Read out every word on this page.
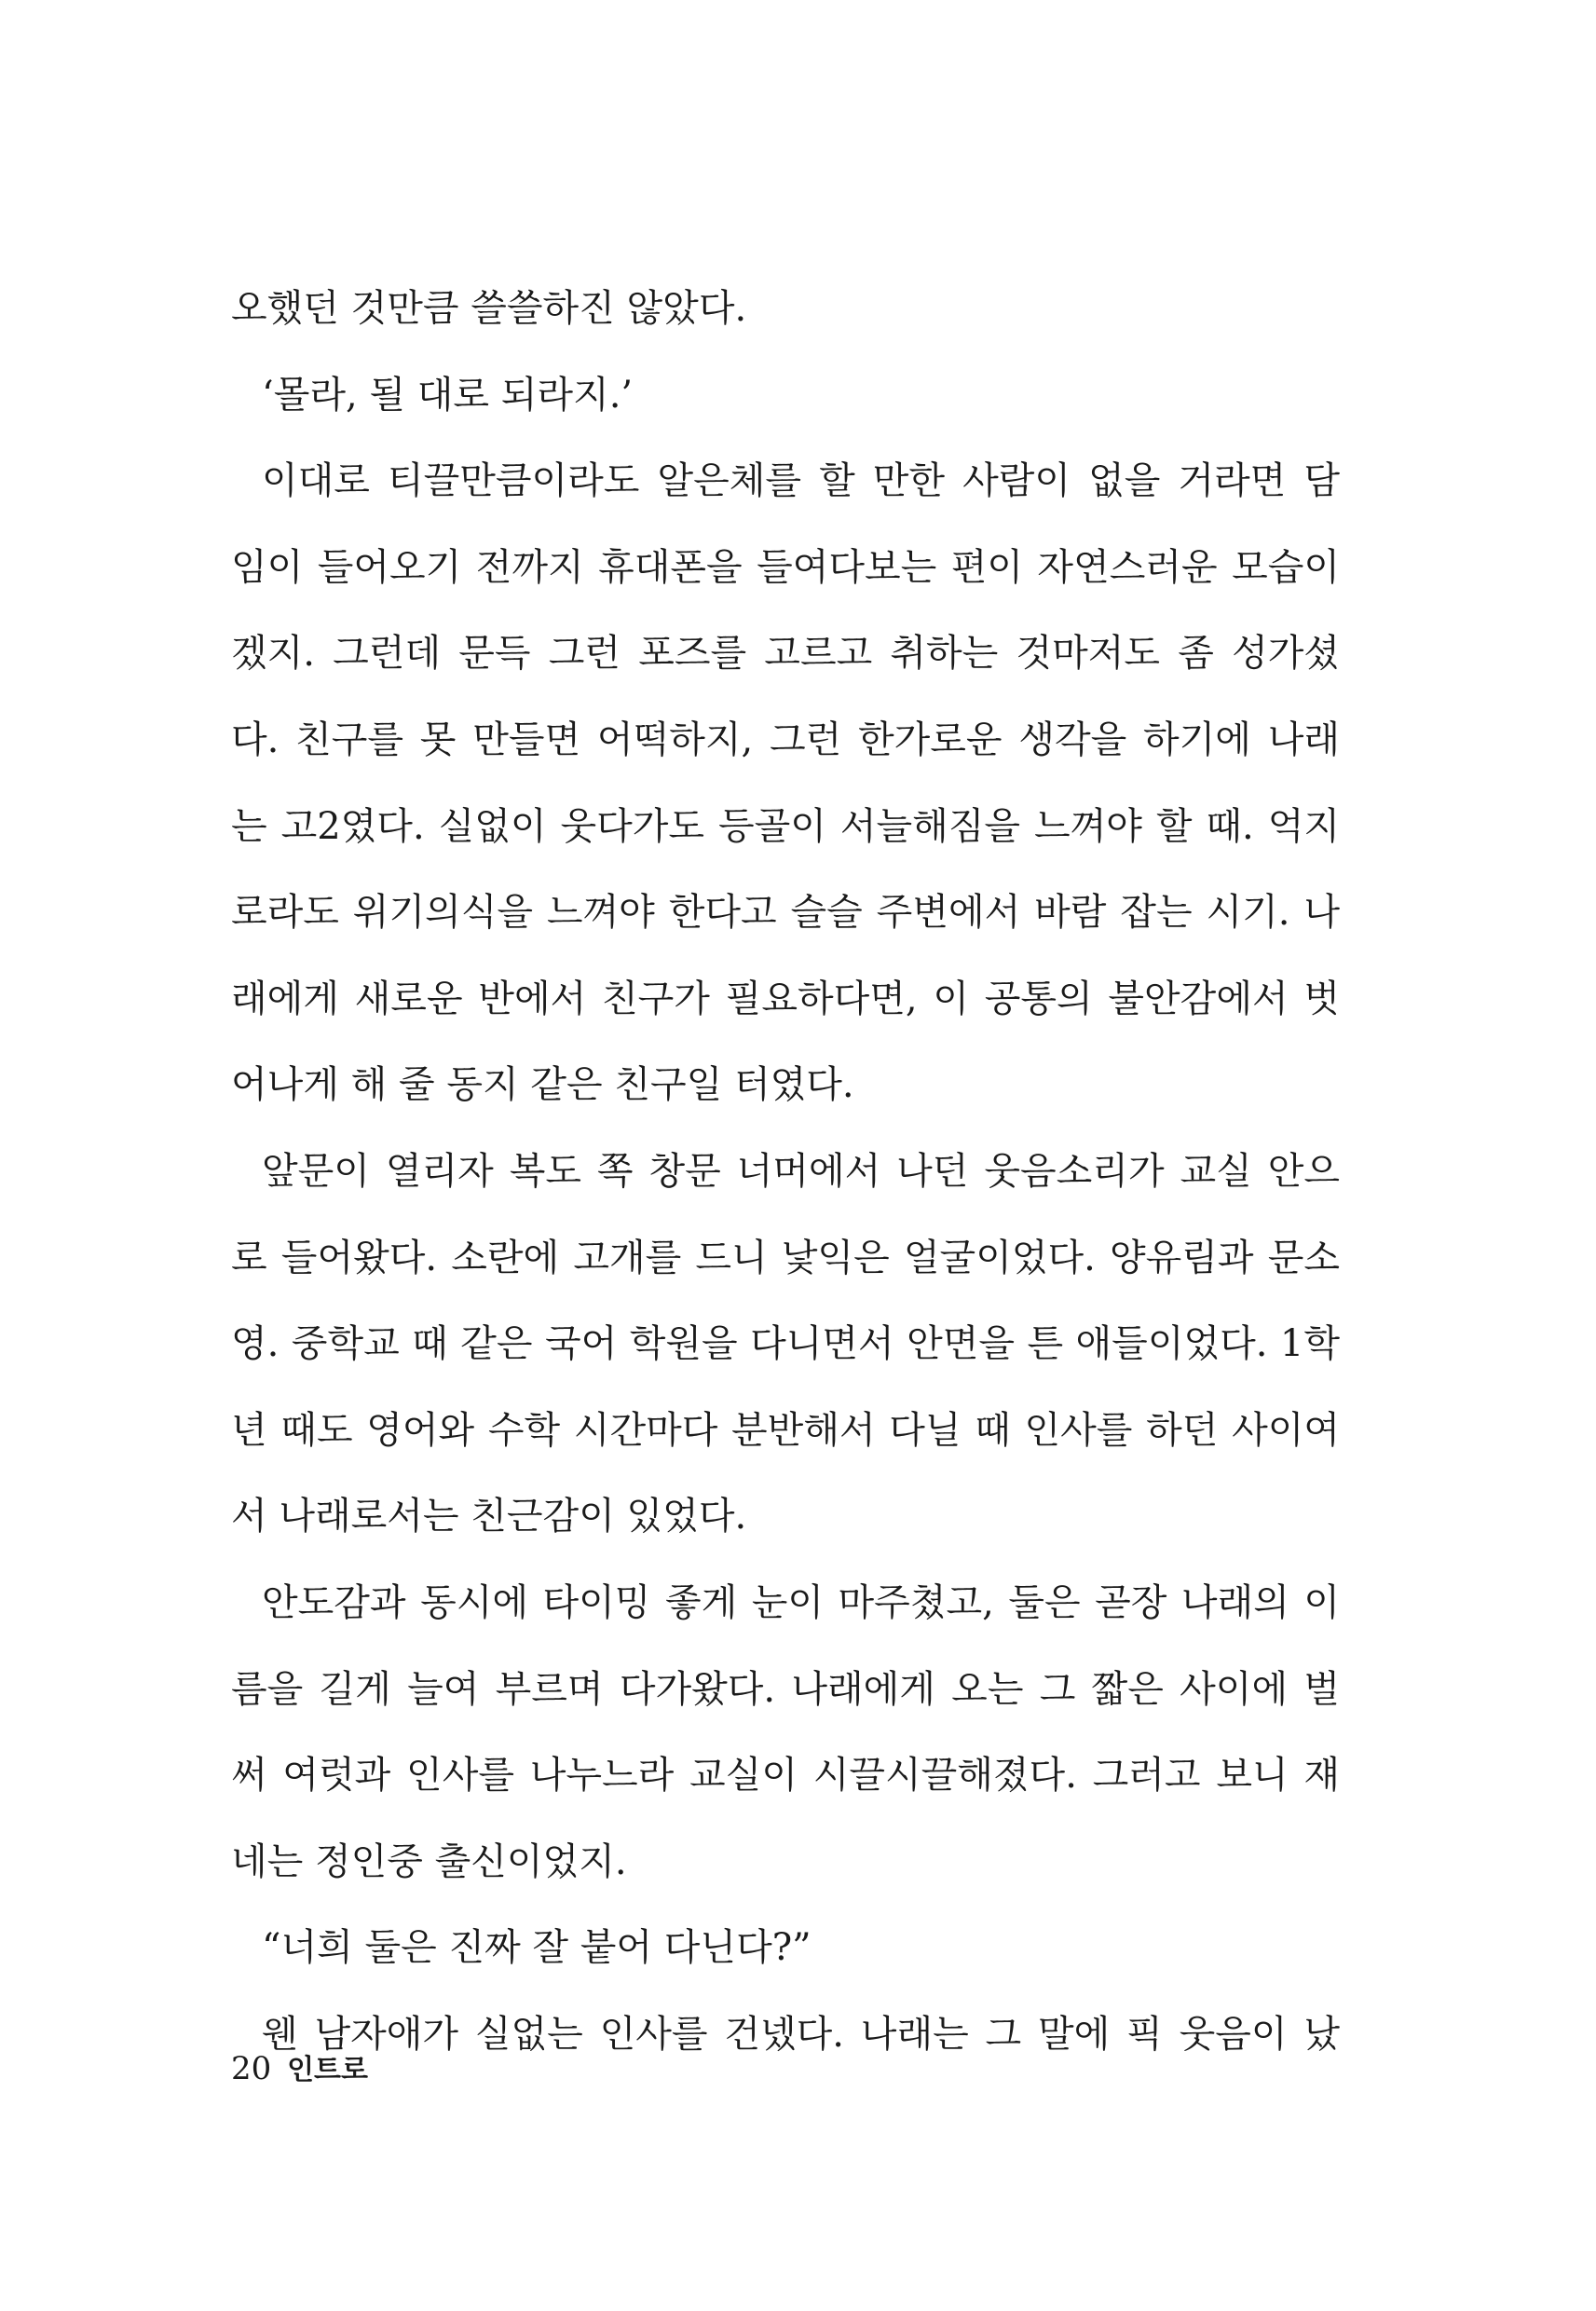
오했던 것만큼 쓸쓸하진 않았다.
‘몰라, 될 대로 되라지.’
이대로 티끌만큼이라도 알은체를 할 만한 사람이 없을 거라면 담
임이 들어오기 전까지 휴대폰을 들여다보는 편이 자연스러운 모습이
겠지. 그런데 문득 그런 포즈를 고르고 취하는 것마저도 좀 성가셨
다. 친구를 못 만들면 어떡하지, 그런 한가로운 생각을 하기에 나래
는 고2였다. 실없이 웃다가도 등골이 서늘해짐을 느껴야 할 때. 억지
로라도 위기의식을 느껴야 한다고 슬슬 주변에서 바람 잡는 시기. 나
래에게 새로운 반에서 친구가 필요하다면, 이 공통의 불안감에서 벗
어나게 해 줄 동지 같은 친구일 터였다.
앞문이 열리자 복도 쪽 창문 너머에서 나던 웃음소리가 교실 안으
로 들어왔다. 소란에 고개를 드니 낯익은 얼굴이었다. 양유림과 문소
영. 중학교 때 같은 국어 학원을 다니면서 안면을 튼 애들이었다. 1학
년 때도 영어와 수학 시간마다 분반해서 다닐 때 인사를 하던 사이여
서 나래로서는 친근감이 있었다.
안도감과 동시에 타이밍 좋게 눈이 마주쳤고, 둘은 곧장 나래의 이
름을 길게 늘여 부르며 다가왔다. 나래에게 오는 그 짧은 사이에 벌
써 여럿과 인사를 나누느라 교실이 시끌시끌해졌다. 그러고 보니 쟤
네는 정인중 출신이었지.
“너희 둘은 진짜 잘 붙어 다닌다?”
웬 남자애가 실없는 인사를 건넸다. 나래는 그 말에 픽 웃음이 났
20 인트로
